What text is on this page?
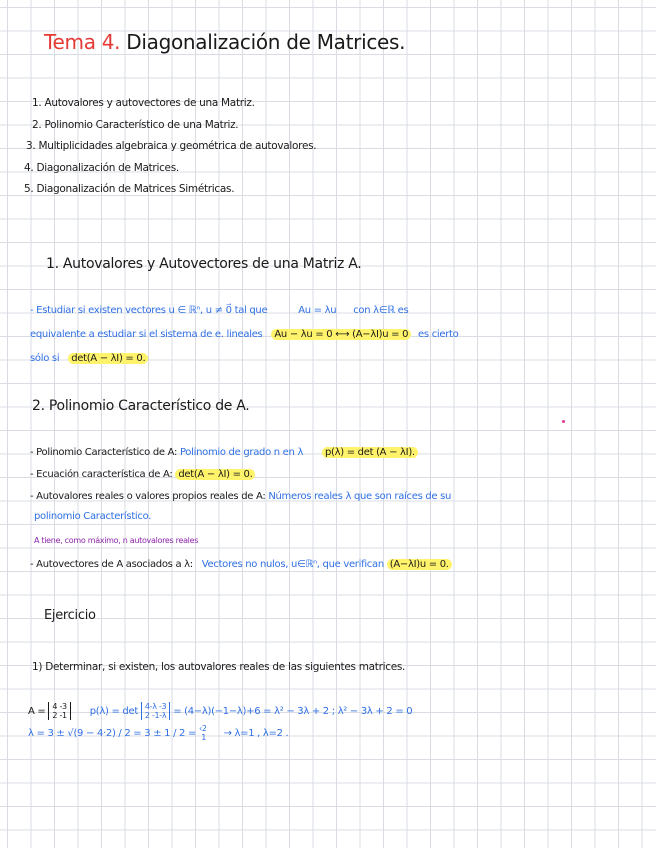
Tema 4. Diagonalización de Matrices.
1. Autovalores y autovectores de una Matriz.
2. Polinomio Característico de una Matriz.
3. Multiplicidades algebraica y geométrica de autovalores.
4. Diagonalización de Matrices.
5. Diagonalización de Matrices Simétricas.
1. Autovalores y Autovectores de una Matriz A.
- Estudiar si existen vectores u ∈ ℝⁿ, u ≠ 0⃗ tal que	Au = λu con λ∈ℝ es
equivalente a estudiar si el sistema de e. lineales Au − λu = 0 ⟷ (A−λI)u = 0 es cierto
sólo si det(A − λI) = 0.
2. Polinomio Característico de A.
- Polinomio Característico de A: Polinomio de grado n en λ p(λ) = det (A − λI).
- Ecuación característica de A: det(A − λI) = 0.
- Autovalores reales o valores propios reales de A: Números reales λ que son raíces de su
polinomio Característico.
A tiene, como máximo, n autovalores reales
- Autovectores de A asociados a λ: Vectores no nulos, u∈ℝⁿ, que verifican (A−λI)u = 0.
Ejercicio
1) Determinar, si existen, los autovalores reales de las siguientes matrices.
A = 4 -3
2 -1 p(λ) = det 4-λ -3
2 -1-λ = (4−λ)(−1−λ)+6 = λ² − 3λ + 2 ; λ² − 3λ + 2 = 0
λ = 3 ± √(9 − 4·2) / 2 = 3 ± 1 / 2 = ‹2
1 → λ=1 , λ=2 .
